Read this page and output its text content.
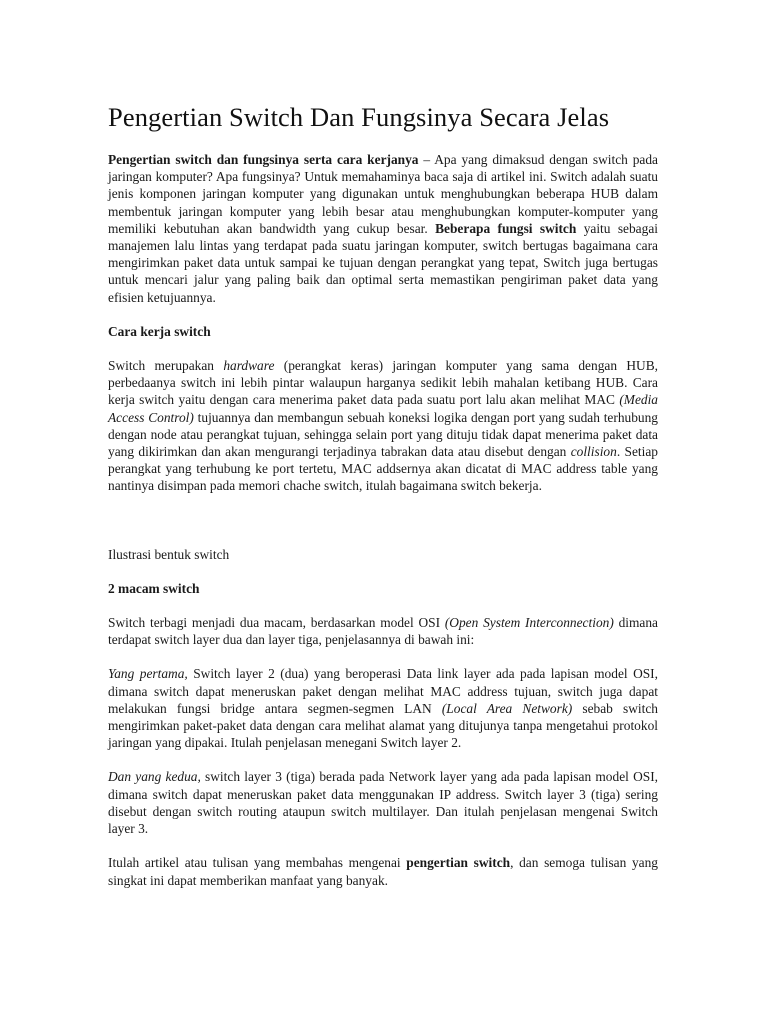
Pengertian Switch Dan Fungsinya Secara Jelas

Pengertian switch dan fungsinya serta cara kerjanya – Apa yang dimaksud dengan switch pada jaringan komputer? Apa fungsinya? Untuk memahaminya baca saja di artikel ini. Switch adalah suatu jenis komponen jaringan komputer yang digunakan untuk menghubungkan beberapa HUB dalam membentuk jaringan komputer yang lebih besar atau menghubungkan komputer-komputer yang memiliki kebutuhan akan bandwidth yang cukup besar. Beberapa fungsi switch yaitu sebagai manajemen lalu lintas yang terdapat pada suatu jaringan komputer, switch bertugas bagaimana cara mengirimkan paket data untuk sampai ke tujuan dengan perangkat yang tepat, Switch juga bertugas untuk mencari jalur yang paling baik dan optimal serta memastikan pengiriman paket data yang efisien ketujuannya.

Cara kerja switch

Switch merupakan hardware (perangkat keras) jaringan komputer yang sama dengan HUB, perbedaanya switch ini lebih pintar walaupun harganya sedikit lebih mahalan ketibang HUB. Cara kerja switch yaitu dengan cara menerima paket data pada suatu port lalu akan melihat MAC (Media Access Control) tujuannya dan membangun sebuah koneksi logika dengan port yang sudah terhubung dengan node atau perangkat tujuan, sehingga selain port yang dituju tidak dapat menerima paket data yang dikirimkan dan akan mengurangi terjadinya tabrakan data atau disebut dengan collision. Setiap perangkat yang terhubung ke port tertetu, MAC addsernya akan dicatat di MAC address table yang nantinya disimpan pada memori chache switch, itulah bagaimana switch bekerja.

Ilustrasi bentuk switch

2 macam switch

Switch terbagi menjadi dua macam, berdasarkan model OSI (Open System Interconnection) dimana terdapat switch layer dua dan layer tiga, penjelasannya di bawah ini:

Yang pertama, Switch layer 2 (dua) yang beroperasi Data link layer ada pada lapisan model OSI, dimana switch dapat meneruskan paket dengan melihat MAC address tujuan, switch juga dapat melakukan fungsi bridge antara segmen-segmen LAN (Local Area Network) sebab switch mengirimkan paket-paket data dengan cara melihat alamat yang ditujunya tanpa mengetahui protokol jaringan yang dipakai. Itulah penjelasan menegani Switch layer 2.

Dan yang kedua, switch layer 3 (tiga) berada pada Network layer yang ada pada lapisan model OSI, dimana switch dapat meneruskan paket data menggunakan IP address. Switch layer 3 (tiga) sering disebut dengan switch routing ataupun switch multilayer. Dan itulah penjelasan mengenai Switch layer 3.

Itulah artikel atau tulisan yang membahas mengenai pengertian switch, dan semoga tulisan yang singkat ini dapat memberikan manfaat yang banyak.
